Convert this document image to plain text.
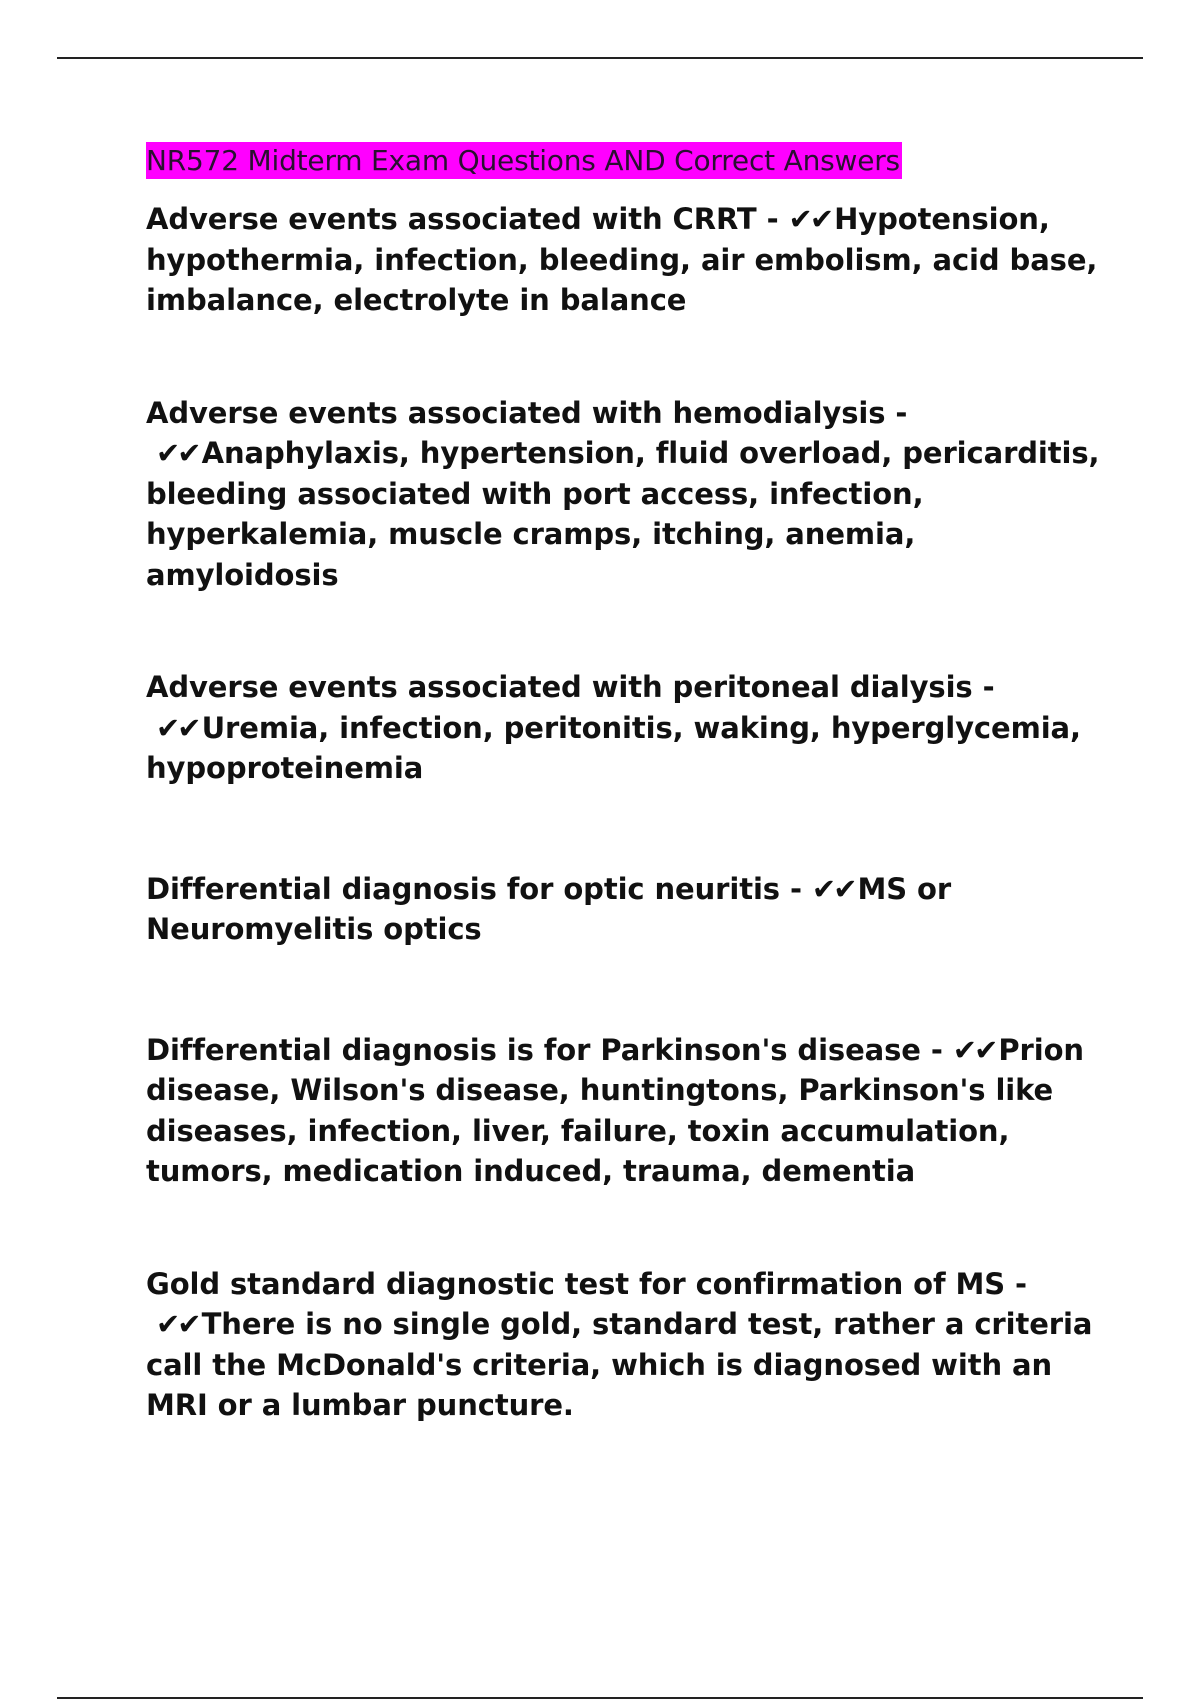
NR572 Midterm Exam Questions AND Correct Answers

Adverse events associated with CRRT - ✔✔ Hypotension, hypothermia, infection, bleeding, air embolism, acid base, imbalance, electrolyte in balance

Adverse events associated with hemodialysis - ✔✔ Anaphylaxis, hypertension, fluid overload, pericarditis, bleeding associated with port access, infection, hyperkalemia, muscle cramps, itching, anemia, amyloidosis

Adverse events associated with peritoneal dialysis - ✔✔ Uremia, infection, peritonitis, waking, hyperglycemia, hypoproteinemia

Differential diagnosis for optic neuritis - ✔✔ MS or Neuromyelitis optics

Differential diagnosis is for Parkinson's disease - ✔✔ Prion disease, Wilson's disease, huntingtons, Parkinson's like diseases, infection, liver, failure, toxin accumulation, tumors, medication induced, trauma, dementia

Gold standard diagnostic test for confirmation of MS - ✔✔ There is no single gold, standard test, rather a criteria call the McDonald's criteria, which is diagnosed with an MRI or a lumbar puncture.
